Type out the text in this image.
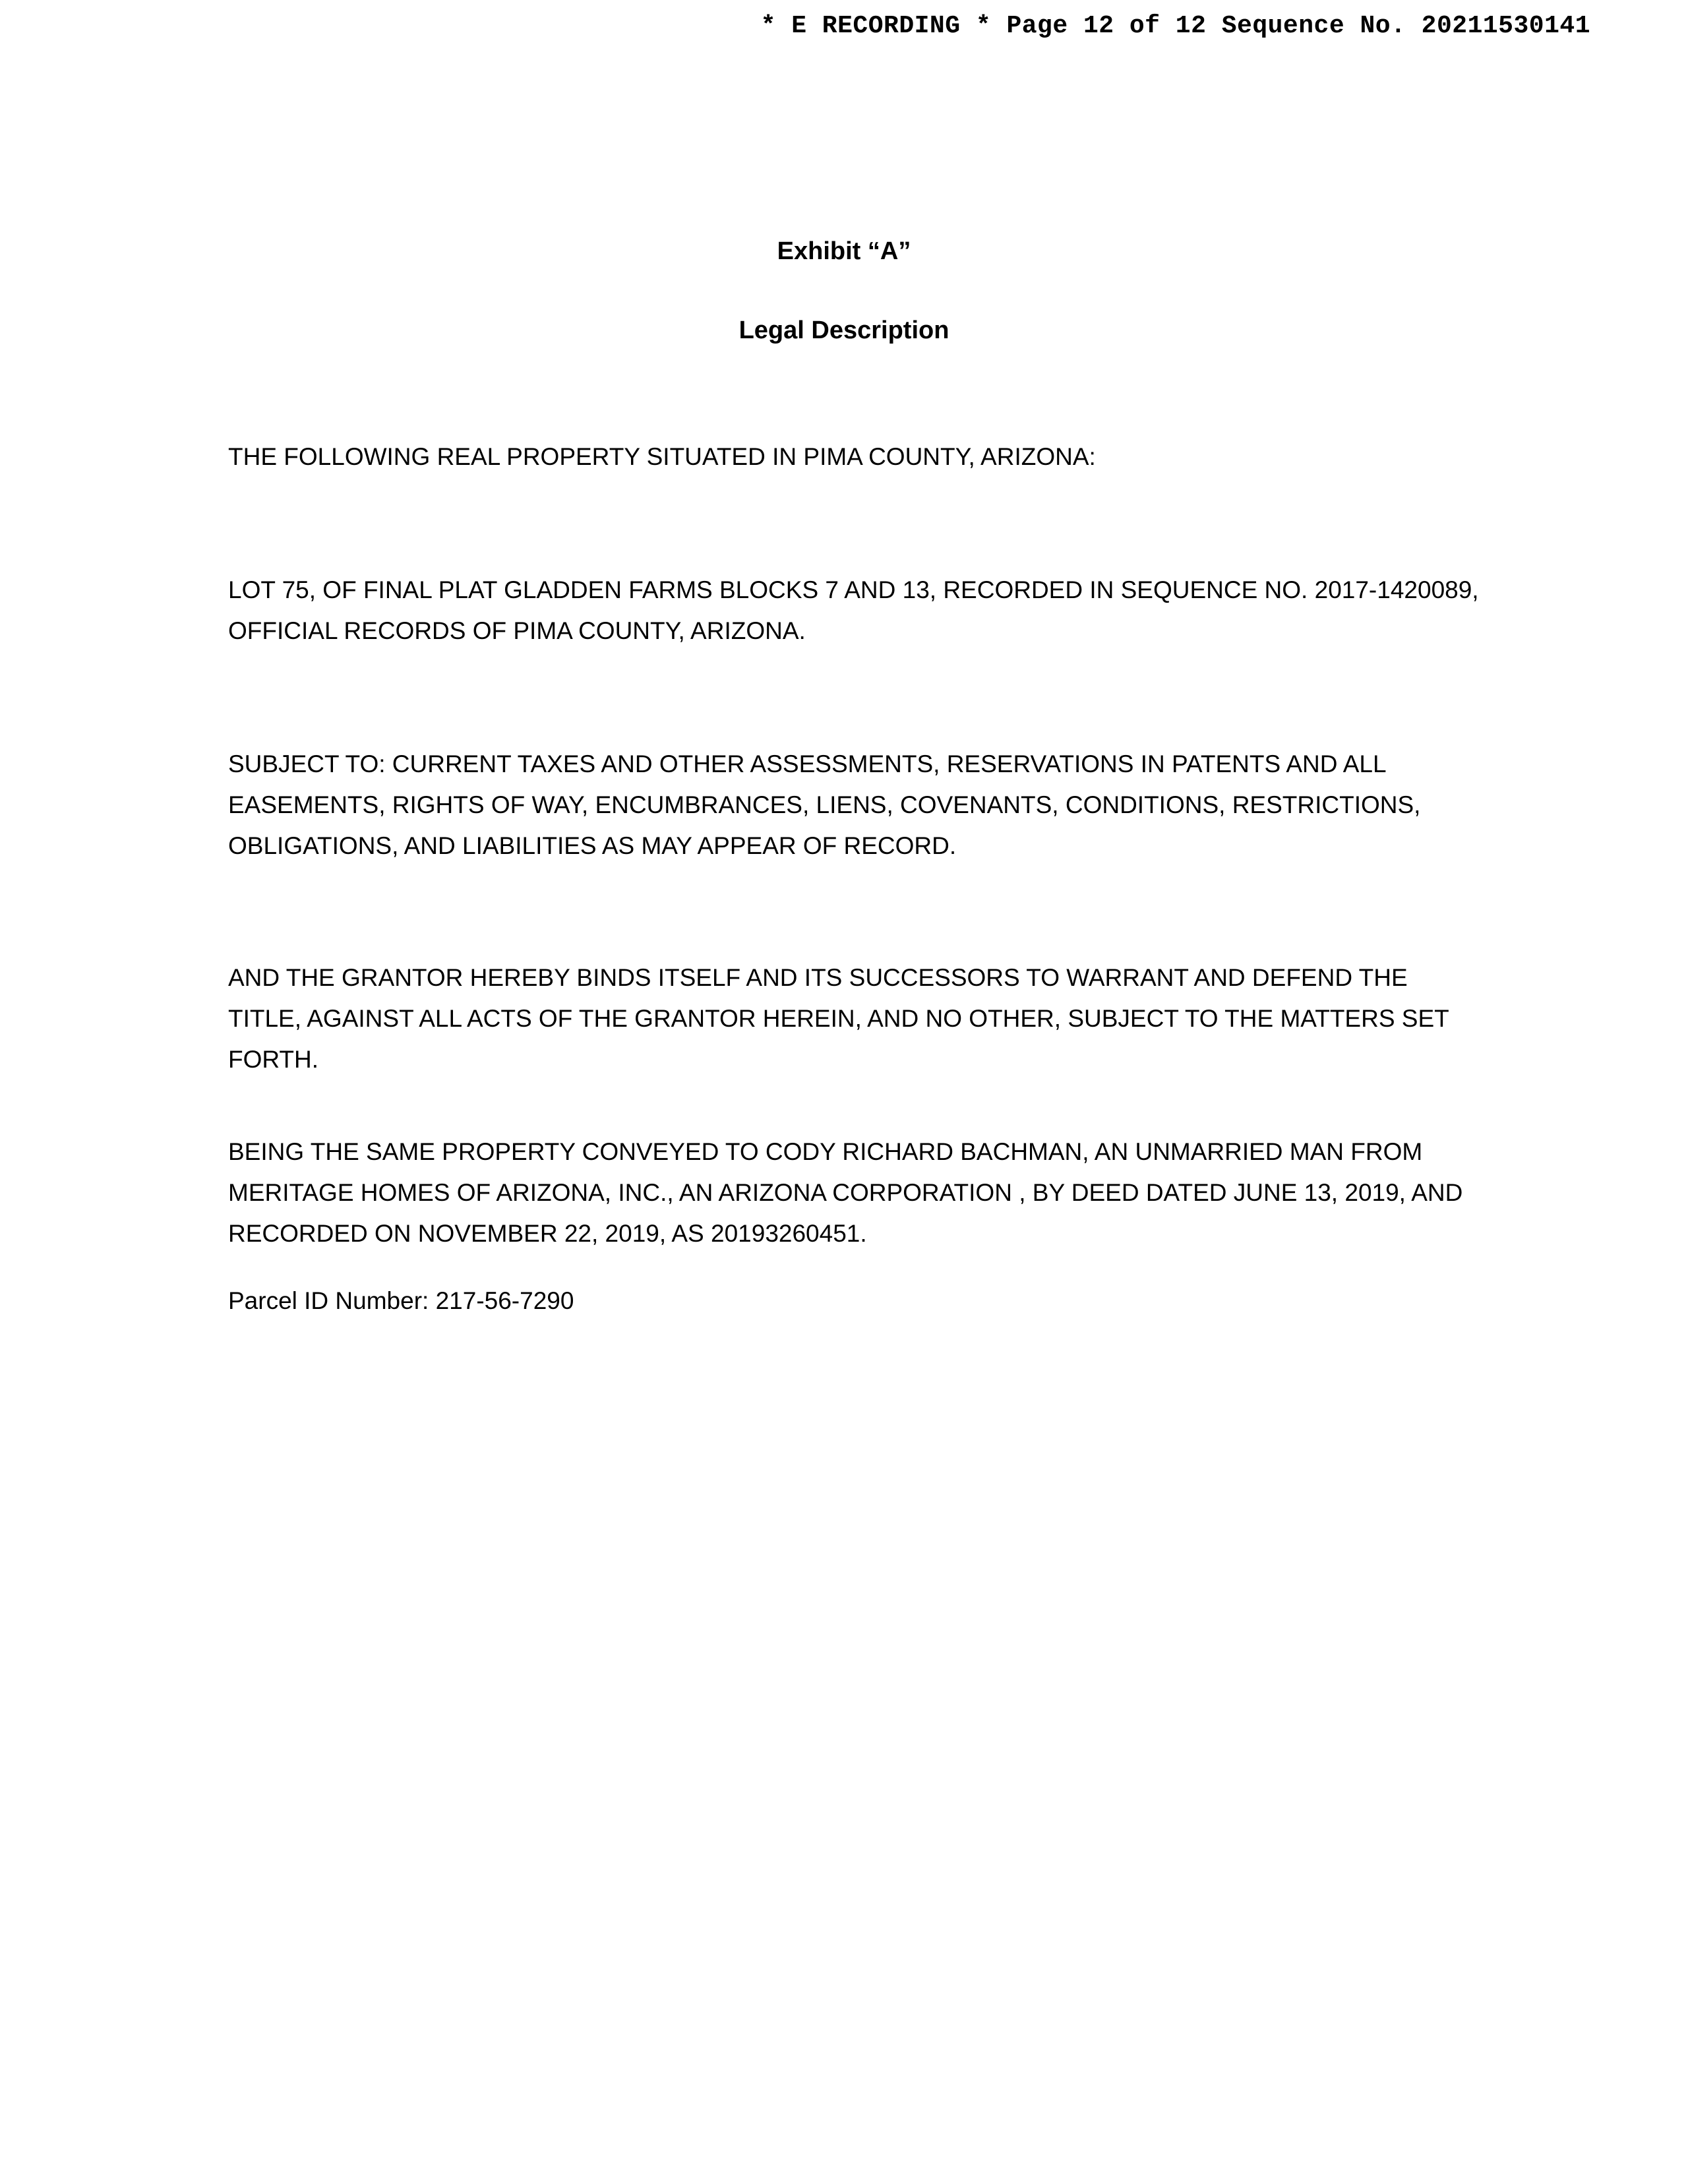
* E RECORDING * Page 12 of 12 Sequence No. 20211530141

Exhibit “A”

Legal Description

THE FOLLOWING REAL PROPERTY SITUATED IN PIMA COUNTY, ARIZONA:

LOT 75, OF FINAL PLAT GLADDEN FARMS BLOCKS 7 AND 13, RECORDED IN SEQUENCE NO. 2017-1420089, OFFICIAL RECORDS OF PIMA COUNTY, ARIZONA.

SUBJECT TO: CURRENT TAXES AND OTHER ASSESSMENTS, RESERVATIONS IN PATENTS AND ALL EASEMENTS, RIGHTS OF WAY, ENCUMBRANCES, LIENS, COVENANTS, CONDITIONS, RESTRICTIONS, OBLIGATIONS, AND LIABILITIES AS MAY APPEAR OF RECORD.

AND THE GRANTOR HEREBY BINDS ITSELF AND ITS SUCCESSORS TO WARRANT AND DEFEND THE TITLE, AGAINST ALL ACTS OF THE GRANTOR HEREIN, AND NO OTHER, SUBJECT TO THE MATTERS SET FORTH.

BEING THE SAME PROPERTY CONVEYED TO CODY RICHARD BACHMAN, AN UNMARRIED MAN FROM MERITAGE HOMES OF ARIZONA, INC., AN ARIZONA CORPORATION , BY DEED DATED JUNE 13, 2019, AND RECORDED ON NOVEMBER 22, 2019, AS 20193260451.

Parcel ID Number: 217-56-7290
